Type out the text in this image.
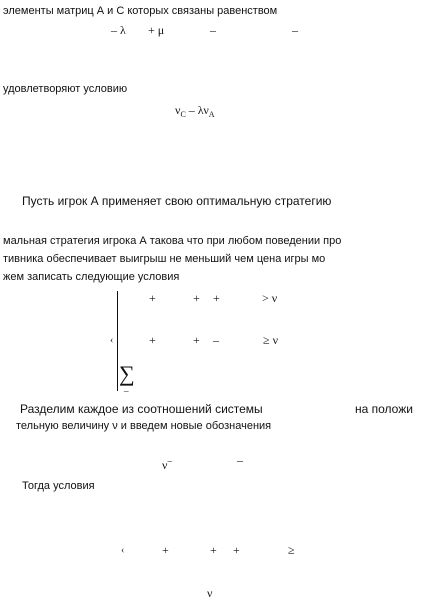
элементы матриц А и С которых связаны равенством
– λ + μ	–	–
удовлетворяют условию
$\nu_C - \lambda\nu_A$
Пусть игрок А применяет свою оптимальную стратегию
мальная стратегия игрока А такова что при любом поведении про
тивника обеспечивает выигрыш не меньший чем цена игры мо
жем записать следующие условия
+	+ +	> ν
‹	+	+ –	≥ ν
∑
–
Разделим каждое из соотношений системы	на положи
тельную величину ν и введем новые обозначения
ν–	–
Тогда условия
‹	+	+ +	≥
ν
